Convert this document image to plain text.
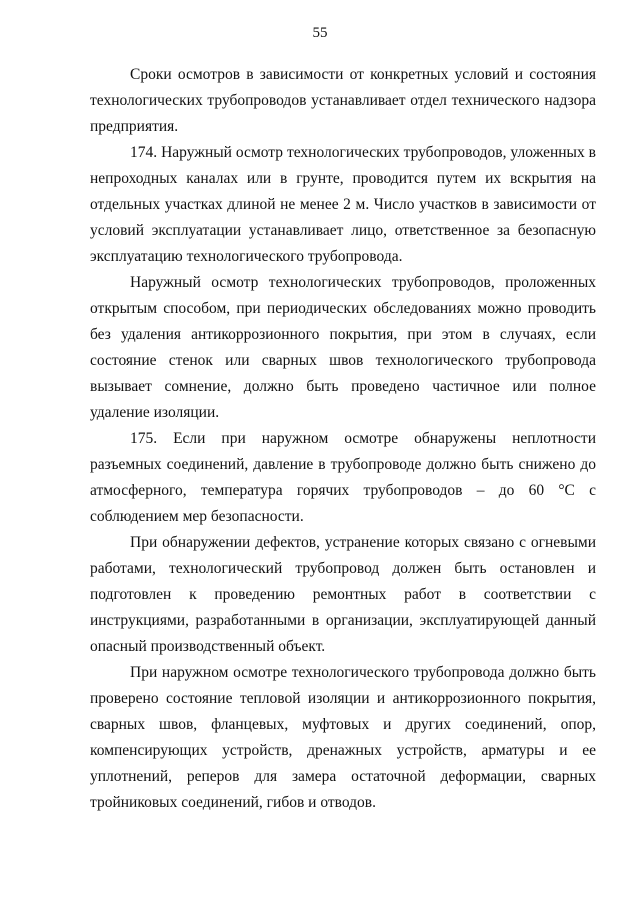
55

Сроки осмотров в зависимости от конкретных условий и состояния технологических трубопроводов устанавливает отдел технического надзора предприятия.

174. Наружный осмотр технологических трубопроводов, уложенных в непроходных каналах или в грунте, проводится путем их вскрытия на отдельных участках длиной не менее 2 м. Число участков в зависимости от условий эксплуатации устанавливает лицо, ответственное за безопасную эксплуатацию технологического трубопровода.

Наружный осмотр технологических трубопроводов, проложенных открытым способом, при периодических обследованиях можно проводить без удаления антикоррозионного покрытия, при этом в случаях, если состояние стенок или сварных швов технологического трубопровода вызывает сомнение, должно быть проведено частичное или полное удаление изоляции.

175. Если при наружном осмотре обнаружены неплотности разъемных соединений, давление в трубопроводе должно быть снижено до атмосферного, температура горячих трубопроводов – до 60 °С с соблюдением мер безопасности.

При обнаружении дефектов, устранение которых связано с огневыми работами, технологический трубопровод должен быть остановлен и подготовлен к проведению ремонтных работ в соответствии с инструкциями, разработанными в организации, эксплуатирующей данный опасный производственный объект.

При наружном осмотре технологического трубопровода должно быть проверено состояние тепловой изоляции и антикоррозионного покрытия, сварных швов, фланцевых, муфтовых и других соединений, опор, компенсирующих устройств, дренажных устройств, арматуры и ее уплотнений, реперов для замера остаточной деформации, сварных тройниковых соединений, гибов и отводов.
